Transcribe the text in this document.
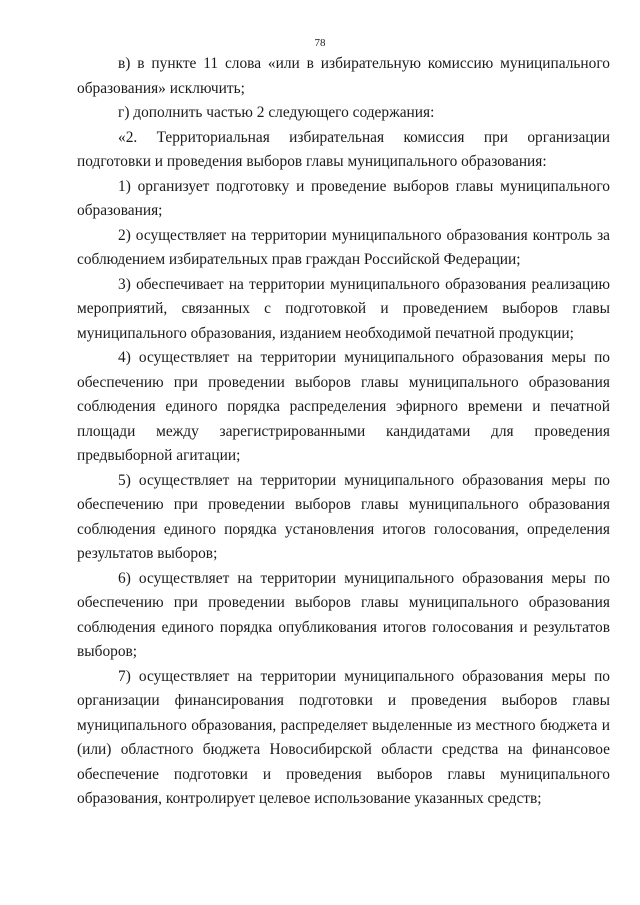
78

в) в пункте 11 слова «или в избирательную комиссию муниципального образования» исключить;

г) дополнить частью 2 следующего содержания:

«2. Территориальная избирательная комиссия при организации подготовки и проведения выборов главы муниципального образования:

1) организует подготовку и проведение выборов главы муниципального образования;

2) осуществляет на территории муниципального образования контроль за соблюдением избирательных прав граждан Российской Федерации;

3) обеспечивает на территории муниципального образования реализацию мероприятий, связанных с подготовкой и проведением выборов главы муниципального образования, изданием необходимой печатной продукции;

4) осуществляет на территории муниципального образования меры по обеспечению при проведении выборов главы муниципального образования соблюдения единого порядка распределения эфирного времени и печатной площади между зарегистрированными кандидатами для проведения предвыборной агитации;

5) осуществляет на территории муниципального образования меры по обеспечению при проведении выборов главы муниципального образования соблюдения единого порядка установления итогов голосования, определения результатов выборов;

6) осуществляет на территории муниципального образования меры по обеспечению при проведении выборов главы муниципального образования соблюдения единого порядка опубликования итогов голосования и результатов выборов;

7) осуществляет на территории муниципального образования меры по организации финансирования подготовки и проведения выборов главы муниципального образования, распределяет выделенные из местного бюджета и (или) областного бюджета Новосибирской области средства на финансовое обеспечение подготовки и проведения выборов главы муниципального образования, контролирует целевое использование указанных средств;
